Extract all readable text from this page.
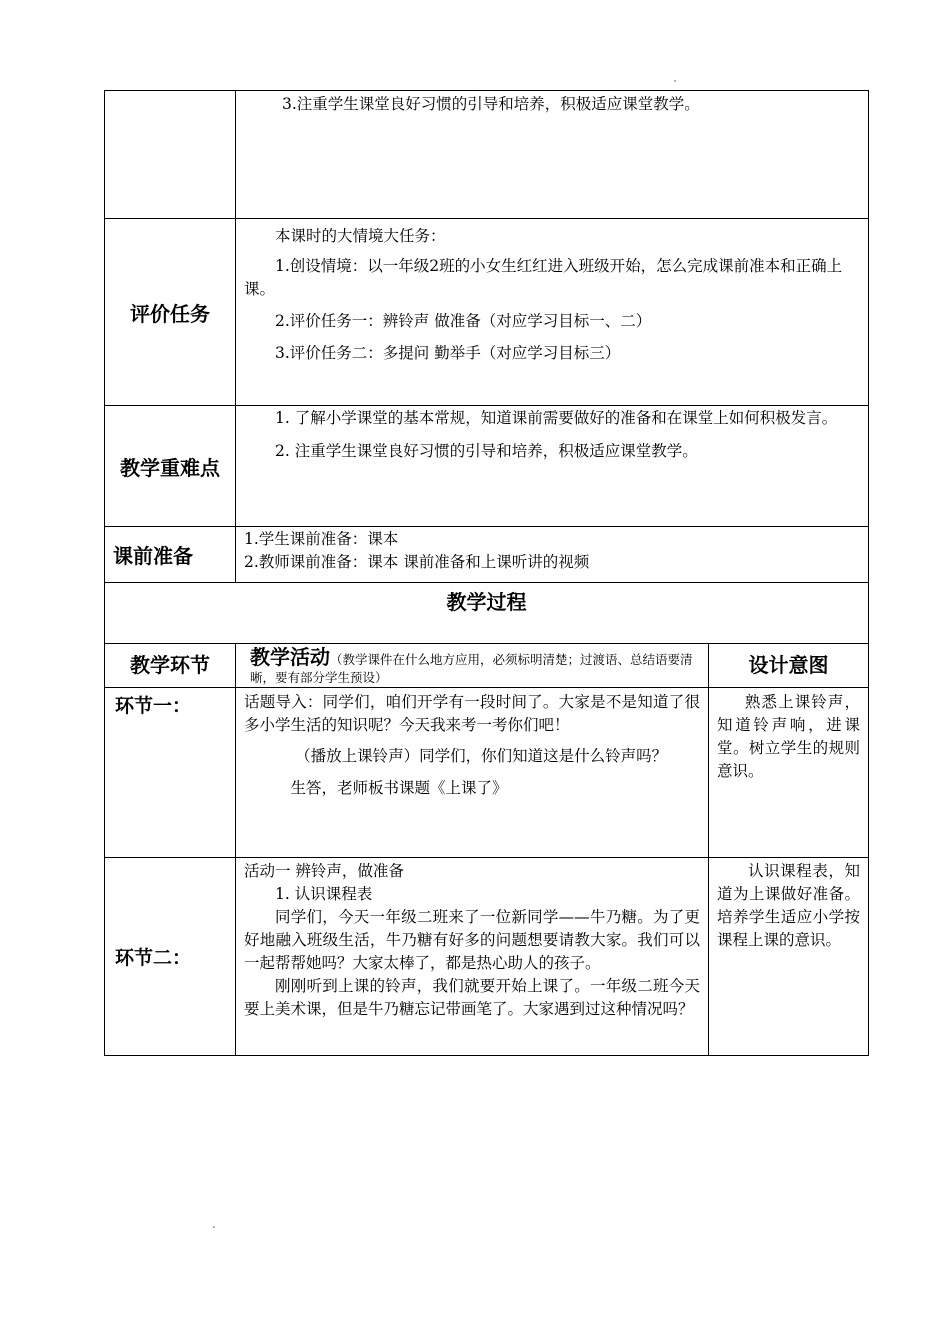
	3.注重学生课堂良好习惯的引导和培养，积极适应课堂教学。	

评价任务	本课时的大情境大任务：

1.创设情境：以一年级2班的小女生红红进入班级开始，怎么完成课前准本和正确上课。

2.评价任务一：辨铃声 做准备（对应学习目标一、二）

3.评价任务二：多提问 勤举手（对应学习目标三）	

教学重难点	1. 了解小学课堂的基本常规，知道课前需要做好的准备和在课堂上如何积极发言。

2. 注重学生课堂良好习惯的引导和培养，积极适应课堂教学。	

课前准备	1.学生课前准备：课本

2.教师课前准备：课本 课前准备和上课听讲的视频	

教学过程		
教学环节	教学活动（教学课件在什么地方应用，必须标明清楚；过渡语、总结语要清晰，要有部分学生预设）	设计意图
环节一：	话题导入：同学们，咱们开学有一段时间了。大家是不是知道了很多小学生活的知识呢？今天我来考一考你们吧！

（播放上课铃声）同学们，你们知道这是什么铃声吗？

生答，老师板书课题《上课了》	熟悉上课铃声，知道铃声响，进课堂。树立学生的规则意识。

环节二：	活动一 辨铃声，做准备

1. 认识课程表

同学们，今天一年级二班来了一位新同学——牛乃糖。为了更好地融入班级生活，牛乃糖有好多的问题想要请教大家。我们可以一起帮帮她吗？大家太棒了，都是热心助人的孩子。

刚刚听到上课的铃声，我们就要开始上课了。一年级二班今天要上美术课，但是牛乃糖忘记带画笔了。大家遇到过这种情况吗？	认识课程表，知道为上课做好准备。培养学生适应小学按课程上课的意识。
